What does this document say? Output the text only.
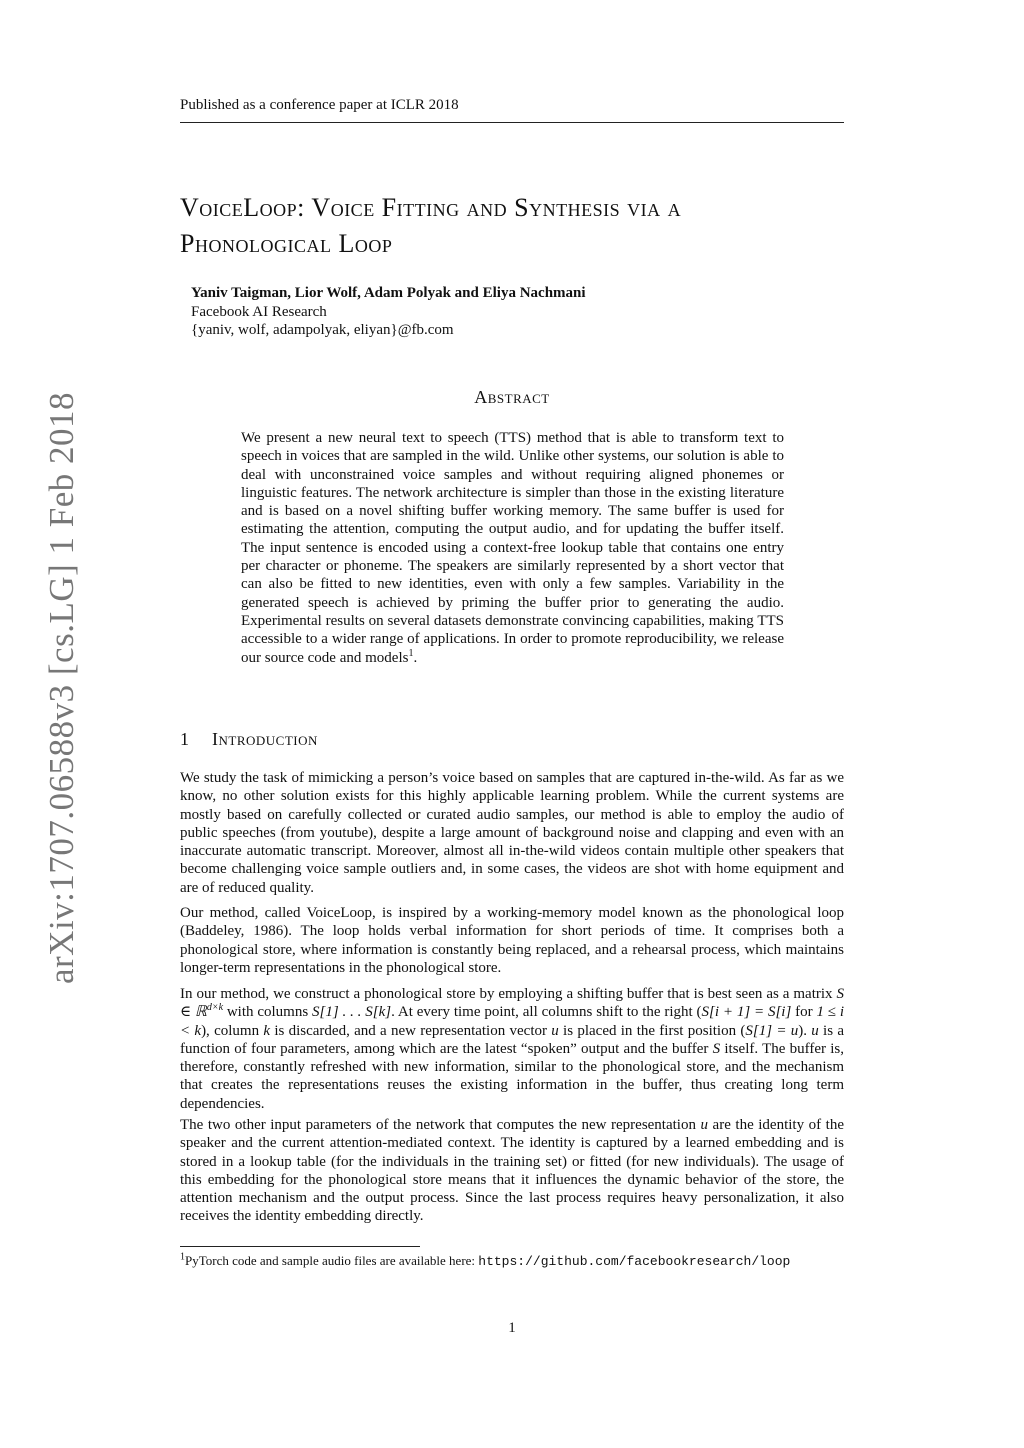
Published as a conference paper at ICLR 2018
arXiv:1707.06588v3 [cs.LG] 1 Feb 2018
VoiceLoop: Voice Fitting and Synthesis via a
Phonological Loop
Yaniv Taigman, Lior Wolf, Adam Polyak and Eliya Nachmani
Facebook AI Research
{yaniv, wolf, adampolyak, eliyan}@fb.com
Abstract

We present a new neural text to speech (TTS) method that is able to transform text to speech in voices that are sampled in the wild. Unlike other systems, our solution is able to deal with unconstrained voice samples and without requiring aligned phonemes or linguistic features. The network architecture is simpler than those in the existing literature and is based on a novel shifting buffer working memory. The same buffer is used for estimating the attention, computing the output audio, and for updating the buffer itself. The input sentence is encoded using a context-free lookup table that contains one entry per character or phoneme. The speakers are similarly represented by a short vector that can also be fitted to new identities, even with only a few samples. Variability in the generated speech is achieved by priming the buffer prior to generating the audio. Experimental results on several datasets demonstrate convincing capabilities, making TTS accessible to a wider range of applications. In order to promote reproducibility, we release our source code and models$^1$.

1 Introduction

We study the task of mimicking a person’s voice based on samples that are captured in-the-wild. As far as we know, no other solution exists for this highly applicable learning problem. While the current systems are mostly based on carefully collected or curated audio samples, our method is able to employ the audio of public speeches (from youtube), despite a large amount of background noise and clapping and even with an inaccurate automatic transcript. Moreover, almost all in-the-wild videos contain multiple other speakers that become challenging voice sample outliers and, in some cases, the videos are shot with home equipment and are of reduced quality.

Our method, called VoiceLoop, is inspired by a working-memory model known as the phonological loop (Baddeley, 1986). The loop holds verbal information for short periods of time. It comprises both a phonological store, where information is constantly being replaced, and a rehearsal process, which maintains longer-term representations in the phonological store.

In our method, we construct a phonological store by employing a shifting buffer that is best seen as a matrix S ∈ ℝ$^{d\times k}$ with columns S[1] . . . S[k]. At every time point, all columns shift to the right (S[i + 1] = S[i] for 1 ≤ i < k), column k is discarded, and a new representation vector u is placed in the first position (S[1] = u). u is a function of four parameters, among which are the latest “spoken” output and the buffer S itself. The buffer is, therefore, constantly refreshed with new information, similar to the phonological store, and the mechanism that creates the representations reuses the existing information in the buffer, thus creating long term dependencies.

The two other input parameters of the network that computes the new representation u are the identity of the speaker and the current attention-mediated context. The identity is captured by a learned embedding and is stored in a lookup table (for the individuals in the training set) or fitted (for new individuals). The usage of this embedding for the phonological store means that it influences the dynamic behavior of the store, the attention mechanism and the output process. Since the last process requires heavy personalization, it also receives the identity embedding directly.

$^1$PyTorch code and sample audio files are available here: https://github.com/facebookresearch/loop

1
